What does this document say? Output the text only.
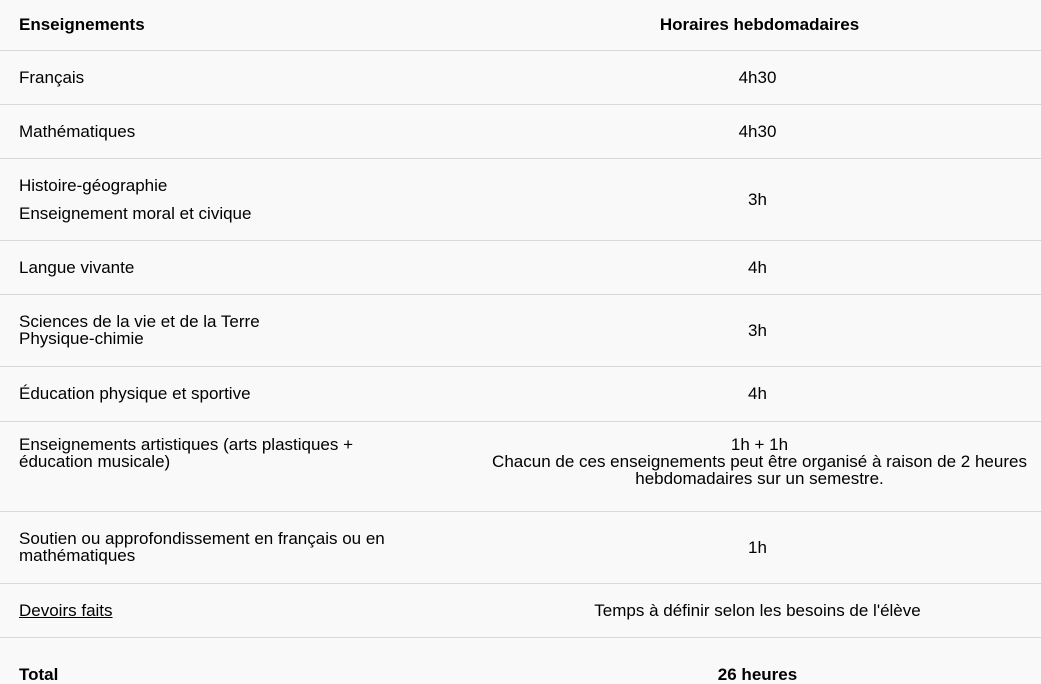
Enseignements	Horaires hebdomadaires
Français	4h30
Mathématiques	4h30
Histoire-géographie
Enseignement moral et civique	3h
Langue vivante	4h

Sciences de la vie et de la Terre
Physique-chimie	3h
Éducation physique et sportive	4h

Enseignements artistiques (arts plastiques + éducation musicale)	1h + 1h
Chacun de ces enseignements peut être organisé à raison de 2 heures hebdomadaires sur un semestre.

Soutien ou approfondissement en français ou en mathématiques	1h
Devoirs faits	Temps à définir selon les besoins de l'élève
Total	26 heures
